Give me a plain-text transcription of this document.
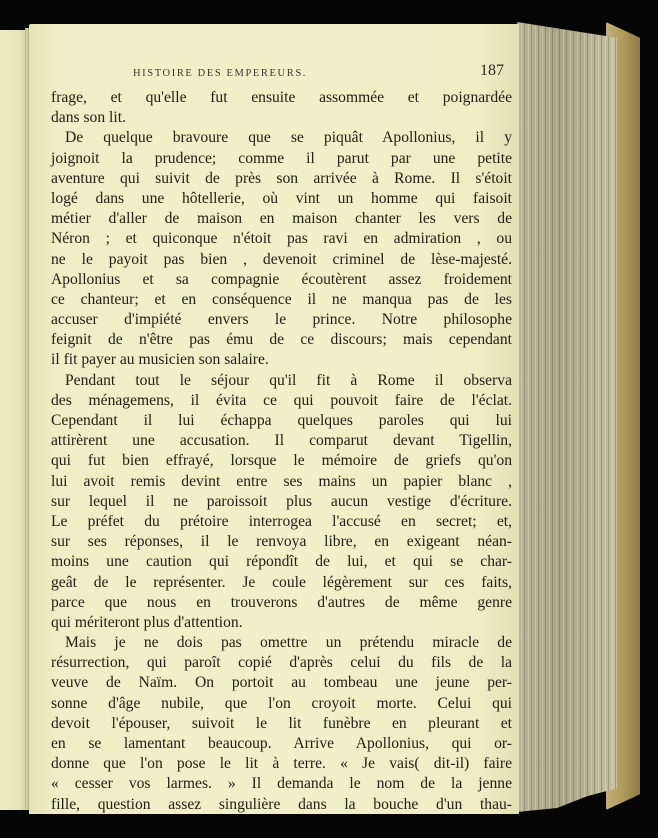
HISTOIRE DES EMPEREURS.	187
frage, et qu'elle fut ensuite assommée et poignardée
dans son lit.
De quelque bravoure que se piquât Apollonius, il y
joignoit la prudence; comme il parut par une petite
aventure qui suivit de près son arrivée à Rome. Il s'étoit
logé dans une hôtellerie, où vint un homme qui faisoit
métier d'aller de maison en maison chanter les vers de
Néron ; et quiconque n'étoit pas ravi en admiration , ou
ne le payoit pas bien , devenoit criminel de lèse-majesté.
Apollonius et sa compagnie écoutèrent assez froidement
ce chanteur; et en conséquence il ne manqua pas de les
accuser d'impiété envers le prince. Notre philosophe
feignit de n'être pas ému de ce discours; mais cependant
il fit payer au musicien son salaire.
Pendant tout le séjour qu'il fit à Rome il observa
des ménagemens, il évita ce qui pouvoit faire de l'éclat.
Cependant il lui échappa quelques paroles qui lui
attirèrent une accusation. Il comparut devant Tigellin,
qui fut bien effrayé, lorsque le mémoire de griefs qu'on
lui avoit remis devint entre ses mains un papier blanc ,
sur lequel il ne paroissoit plus aucun vestige d'écriture.
Le préfet du prétoire interrogea l'accusé en secret; et,
sur ses réponses, il le renvoya libre, en exigeant néan-
moins une caution qui répondît de lui, et qui se char-
geât de le représenter. Je coule légèrement sur ces faits,
parce que nous en trouverons d'autres de même genre
qui mériteront plus d'attention.
Mais je ne dois pas omettre un prétendu miracle de
résurrection, qui paroît copié d'après celui du fils de la
veuve de Naïm. On portoit au tombeau une jeune per-
sonne d'âge nubile, que l'on croyoit morte. Celui qui
devoit l'épouser, suivoit le lit funèbre en pleurant et
en se lamentant beaucoup. Arrive Apollonius, qui or-
donne que l'on pose le lit à terre. « Je vais( dit-il) faire
« cesser vos larmes. » Il demanda le nom de la jenne
fille, question assez singulière dans la bouche d'un thau-
